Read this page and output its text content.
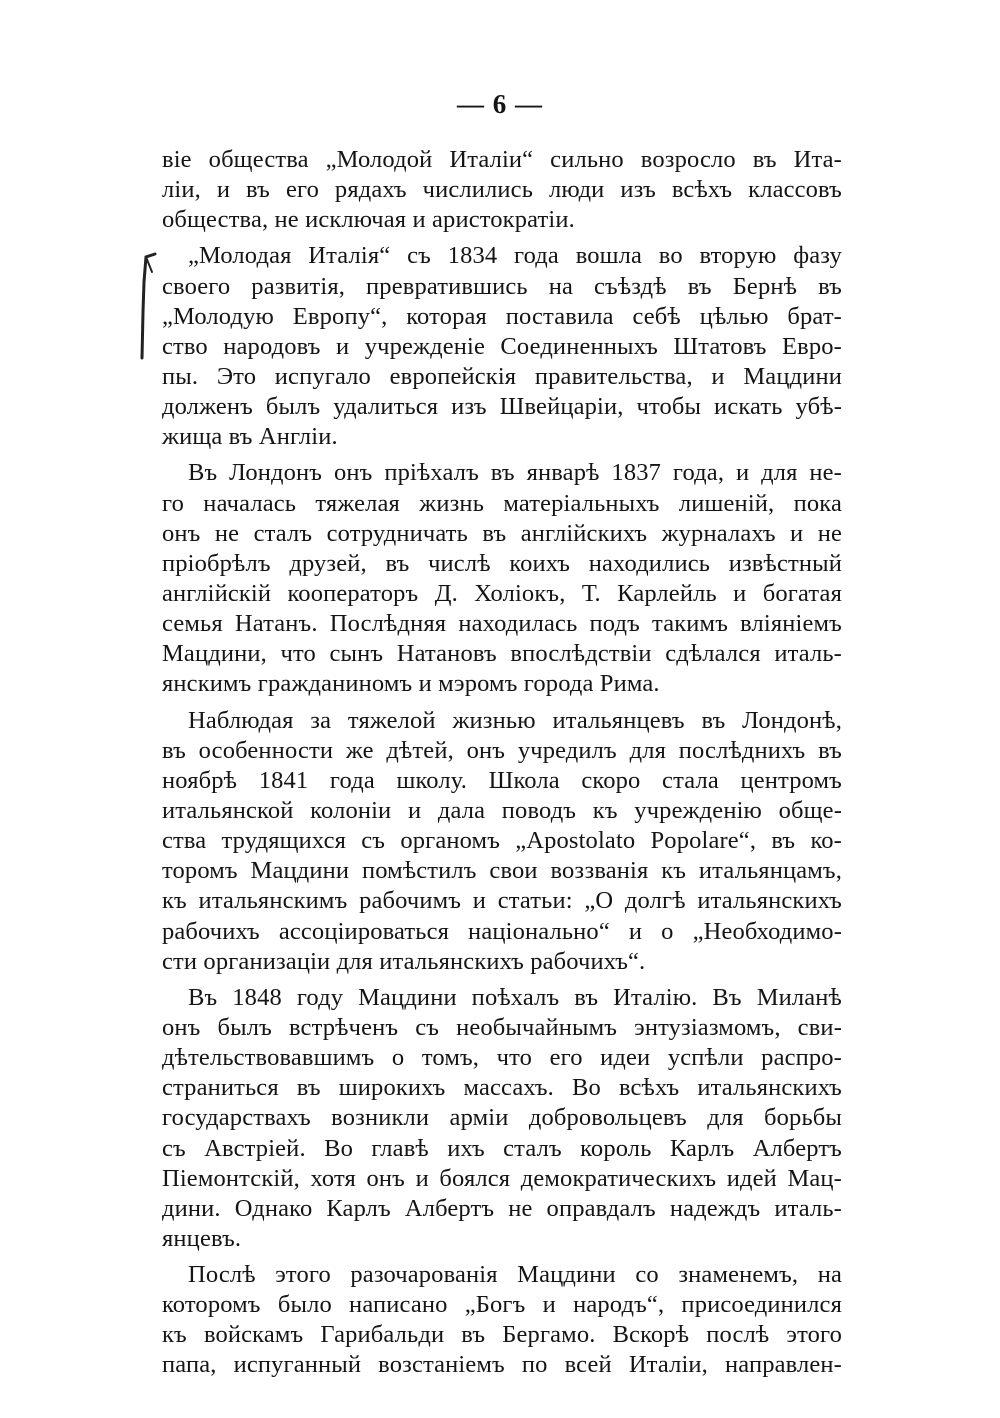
— 6 —
віе общества „Молодой Италіи“ сильно возросло въ Ита-
ліи, и въ его рядахъ числились люди изъ всѣхъ классовъ
общества, не исключая и аристократіи.
„Молодая Италія“ съ 1834 года вошла во вторую фазу
своего развитія, превратившись на съѣздѣ въ Бернѣ въ
„Молодую Европу“, которая поставила себѣ цѣлью брат-
ство народовъ и учрежденіе Соединенныхъ Штатовъ Евро-
пы. Это испугало европейскія правительства, и Мацдини
долженъ былъ удалиться изъ Швейцаріи, чтобы искать убѣ-
жища въ Англіи.
Въ Лондонъ онъ пріѣхалъ въ январѣ 1837 года, и для не-
го началась тяжелая жизнь матеріальныхъ лишеній, пока
онъ не сталъ сотрудничать въ англійскихъ журналахъ и не
пріобрѣлъ друзей, въ числѣ коихъ находились извѣстный
англійскій кооператоръ Д. Холіокъ, Т. Карлейль и богатая
семья Натанъ. Послѣдняя находилась подъ такимъ вліяніемъ
Мацдини, что сынъ Натановъ впослѣдствіи сдѣлался италь-
янскимъ гражданиномъ и мэромъ города Рима.
Наблюдая за тяжелой жизнью итальянцевъ въ Лондонѣ,
въ особенности же дѣтей, онъ учредилъ для послѣднихъ въ
ноябрѣ 1841 года школу. Школа скоро стала центромъ
итальянской колоніи и дала поводъ къ учрежденію обще-
ства трудящихся съ органомъ „Apostolato Popolare“, въ ко-
торомъ Мацдини помѣстилъ свои воззванія къ итальянцамъ,
къ итальянскимъ рабочимъ и статьи: „О долгѣ итальянскихъ
рабочихъ ассоціироваться національно“ и о „Необходимо-
сти организаціи для итальянскихъ рабочихъ“.
Въ 1848 году Мацдини поѣхалъ въ Италію. Въ Миланѣ
онъ былъ встрѣченъ съ необычайнымъ энтузіазмомъ, сви-
дѣтельствовавшимъ о томъ, что его идеи успѣли распро-
страниться въ широкихъ массахъ. Во всѣхъ итальянскихъ
государствахъ возникли арміи добровольцевъ для борьбы
съ Австріей. Во главѣ ихъ сталъ король Карлъ Албертъ
Піемонтскій, хотя онъ и боялся демократическихъ идей Мац-
дини. Однако Карлъ Албертъ не оправдалъ надеждъ италь-
янцевъ.
Послѣ этого разочарованія Мацдини со знаменемъ, на
которомъ было написано „Богъ и народъ“, присоединился
къ войскамъ Гарибальди въ Бергамо. Вскорѣ послѣ этого
папа, испуганный возстаніемъ по всей Италіи, направлен-
